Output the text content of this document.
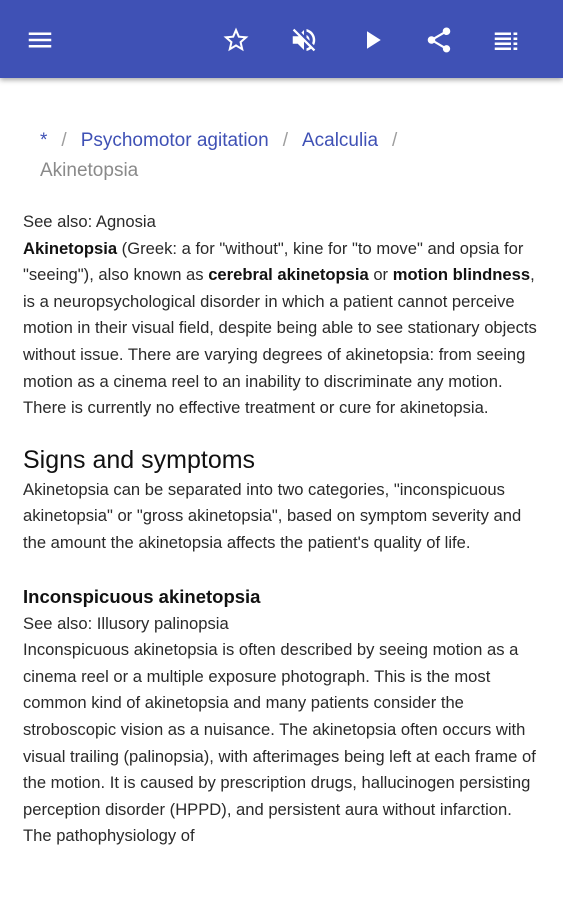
* / Psychomotor agitation / Acalculia /
Akinetopsia

See also: Agnosia

Akinetopsia (Greek: a for "without", kine for "to move" and opsia for "seeing"), also known as cerebral akinetopsia or motion blindness, is a neuropsychological disorder in which a patient cannot perceive motion in their visual field, despite being able to see stationary objects without issue. There are varying degrees of akinetopsia: from seeing motion as a cinema reel to an inability to discriminate any motion. There is currently no effective treatment or cure for akinetopsia.

Signs and symptoms

Akinetopsia can be separated into two categories, "inconspicuous akinetopsia" or "gross akinetopsia", based on symptom severity and the amount the akinetopsia affects the patient's quality of life.

Inconspicuous akinetopsia

See also: Illusory palinopsia

Inconspicuous akinetopsia is often described by seeing motion as a cinema reel or a multiple exposure photograph. This is the most common kind of akinetopsia and many patients consider the stroboscopic vision as a nuisance. The akinetopsia often occurs with visual trailing (palinopsia), with afterimages being left at each frame of the motion. It is caused by prescription drugs, hallucinogen persisting perception disorder (HPPD), and persistent aura without infarction. The pathophysiology of
